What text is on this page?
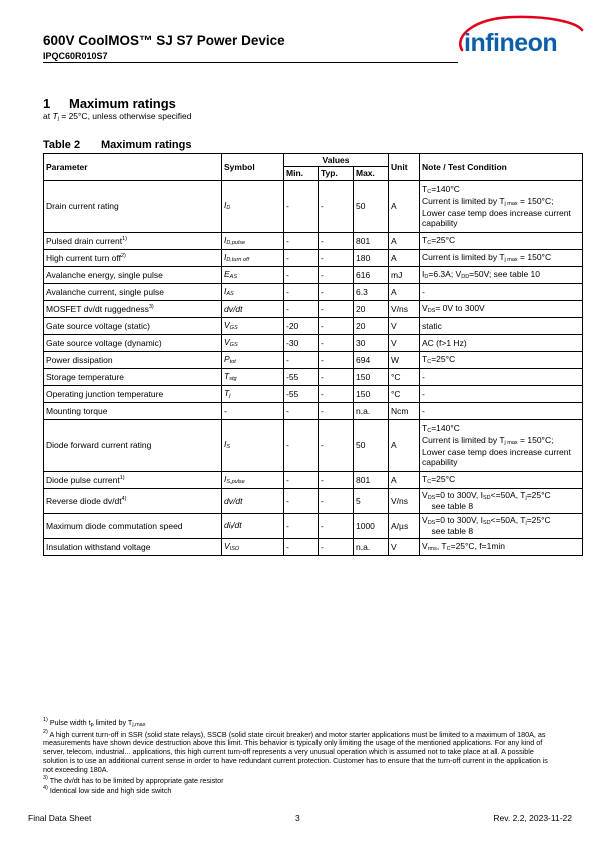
600V CoolMOS™ SJ S7 Power Device
IPQC60R010S7	infineon
1 Maximum ratings
at $T_j = 25^\circ C$, unless otherwise specified
Table 2 Maximum ratings
Parameter	Symbol	Values			Unit	Note / Test Condition
		Min.	Typ.	Max.		
Drain current rating	$I_D$	-	-	50	A	$T_C=140^\circ C$
Current is limited by $T_{j max} = 150^\circ C$;
Lower case temp does increase current capability
Pulsed drain current$^{1)}$	$I_{D,pulse}$	-	-	801	A	$T_C=25^\circ C$
High current turn off$^{2)}$	$I_{D,turn off}$	-	-	180	A	Current is limited by $T_{j max} = 150^\circ C$
Avalanche energy, single pulse	$E_{AS}$	-	-	616	mJ	$I_D=6.3A$; $V_{DD}=50V$; see table 10
Avalanche current, single pulse	$I_{AS}$	-	-	6.3	A	-
MOSFET dv/dt ruggedness$^{3)}$	dv/dt	-	-	20	V/ns	$V_{DS}= 0V$ to 300V
Gate source voltage (static)	$V_{GS}$	-20	-	20	V	static
Gate source voltage (dynamic)	$V_{GS}$	-30	-	30	V	AC (f>1 Hz)
Power dissipation	$P_{tot}$	-	-	694	W	$T_C=25^\circ C$
Storage temperature	$T_{stg}$	-55	-	150	°C	-
Operating junction temperature	$T_j$	-55	-	150	°C	-
Mounting torque	-	-	-	n.a.	Ncm	-
Diode forward current rating	$I_S$	-	-	50	A	$T_C=140^\circ C$
Current is limited by $T_{j max} = 150^\circ C$;
Lower case temp does increase current capability
Diode pulse current$^{1)}$	$I_{S,pulse}$	-	-	801	A	$T_C=25^\circ C$
Reverse diode $dv/dt^{4)}$	dv/dt	-	-	5	V/ns	$V_{DS}=0$ to 300V, $I_{SD}<=50A$, $T_j=25^\circ C$
see table 8
Maximum diode commutation speed	$di_f/dt$	-	-	1000	A/µs	$V_{DS}=0$ to 300V, $I_{SD}<=50A$, $T_j=25^\circ C$
see table 8
Insulation withstand voltage	$V_{ISO}$	-	-	n.a.	V	$V_{rms}$, $T_C=25^\circ C$, f=1min
$^{1)}$ Pulse width $t_p$ limited by $T_{j,max}$
$^{2)}$ A high current turn-off in SSR (solid state relays), SSCB (solid state circuit breaker) and motor starter applications must be limited to a maximum of 180A, as measurements have shown device destruction above this limit. This behavior is typically only limiting the usage of the mentioned applications. For any kind of server, telecom, industrial... applications, this high current turn-off represents a very unusual operation which is assumed not to take place at all. A possible solution is to use an additional current sense in order to have redundant current protection. Customer has to ensure that the turn-off current in the application is not exceeding 180A.
$^{3)}$ The dv/dt has to be limited by appropriate gate resistor
$^{4)}$ Identical low side and high side switch
Final Data Sheet	3	Rev. 2.2, 2023-11-22
